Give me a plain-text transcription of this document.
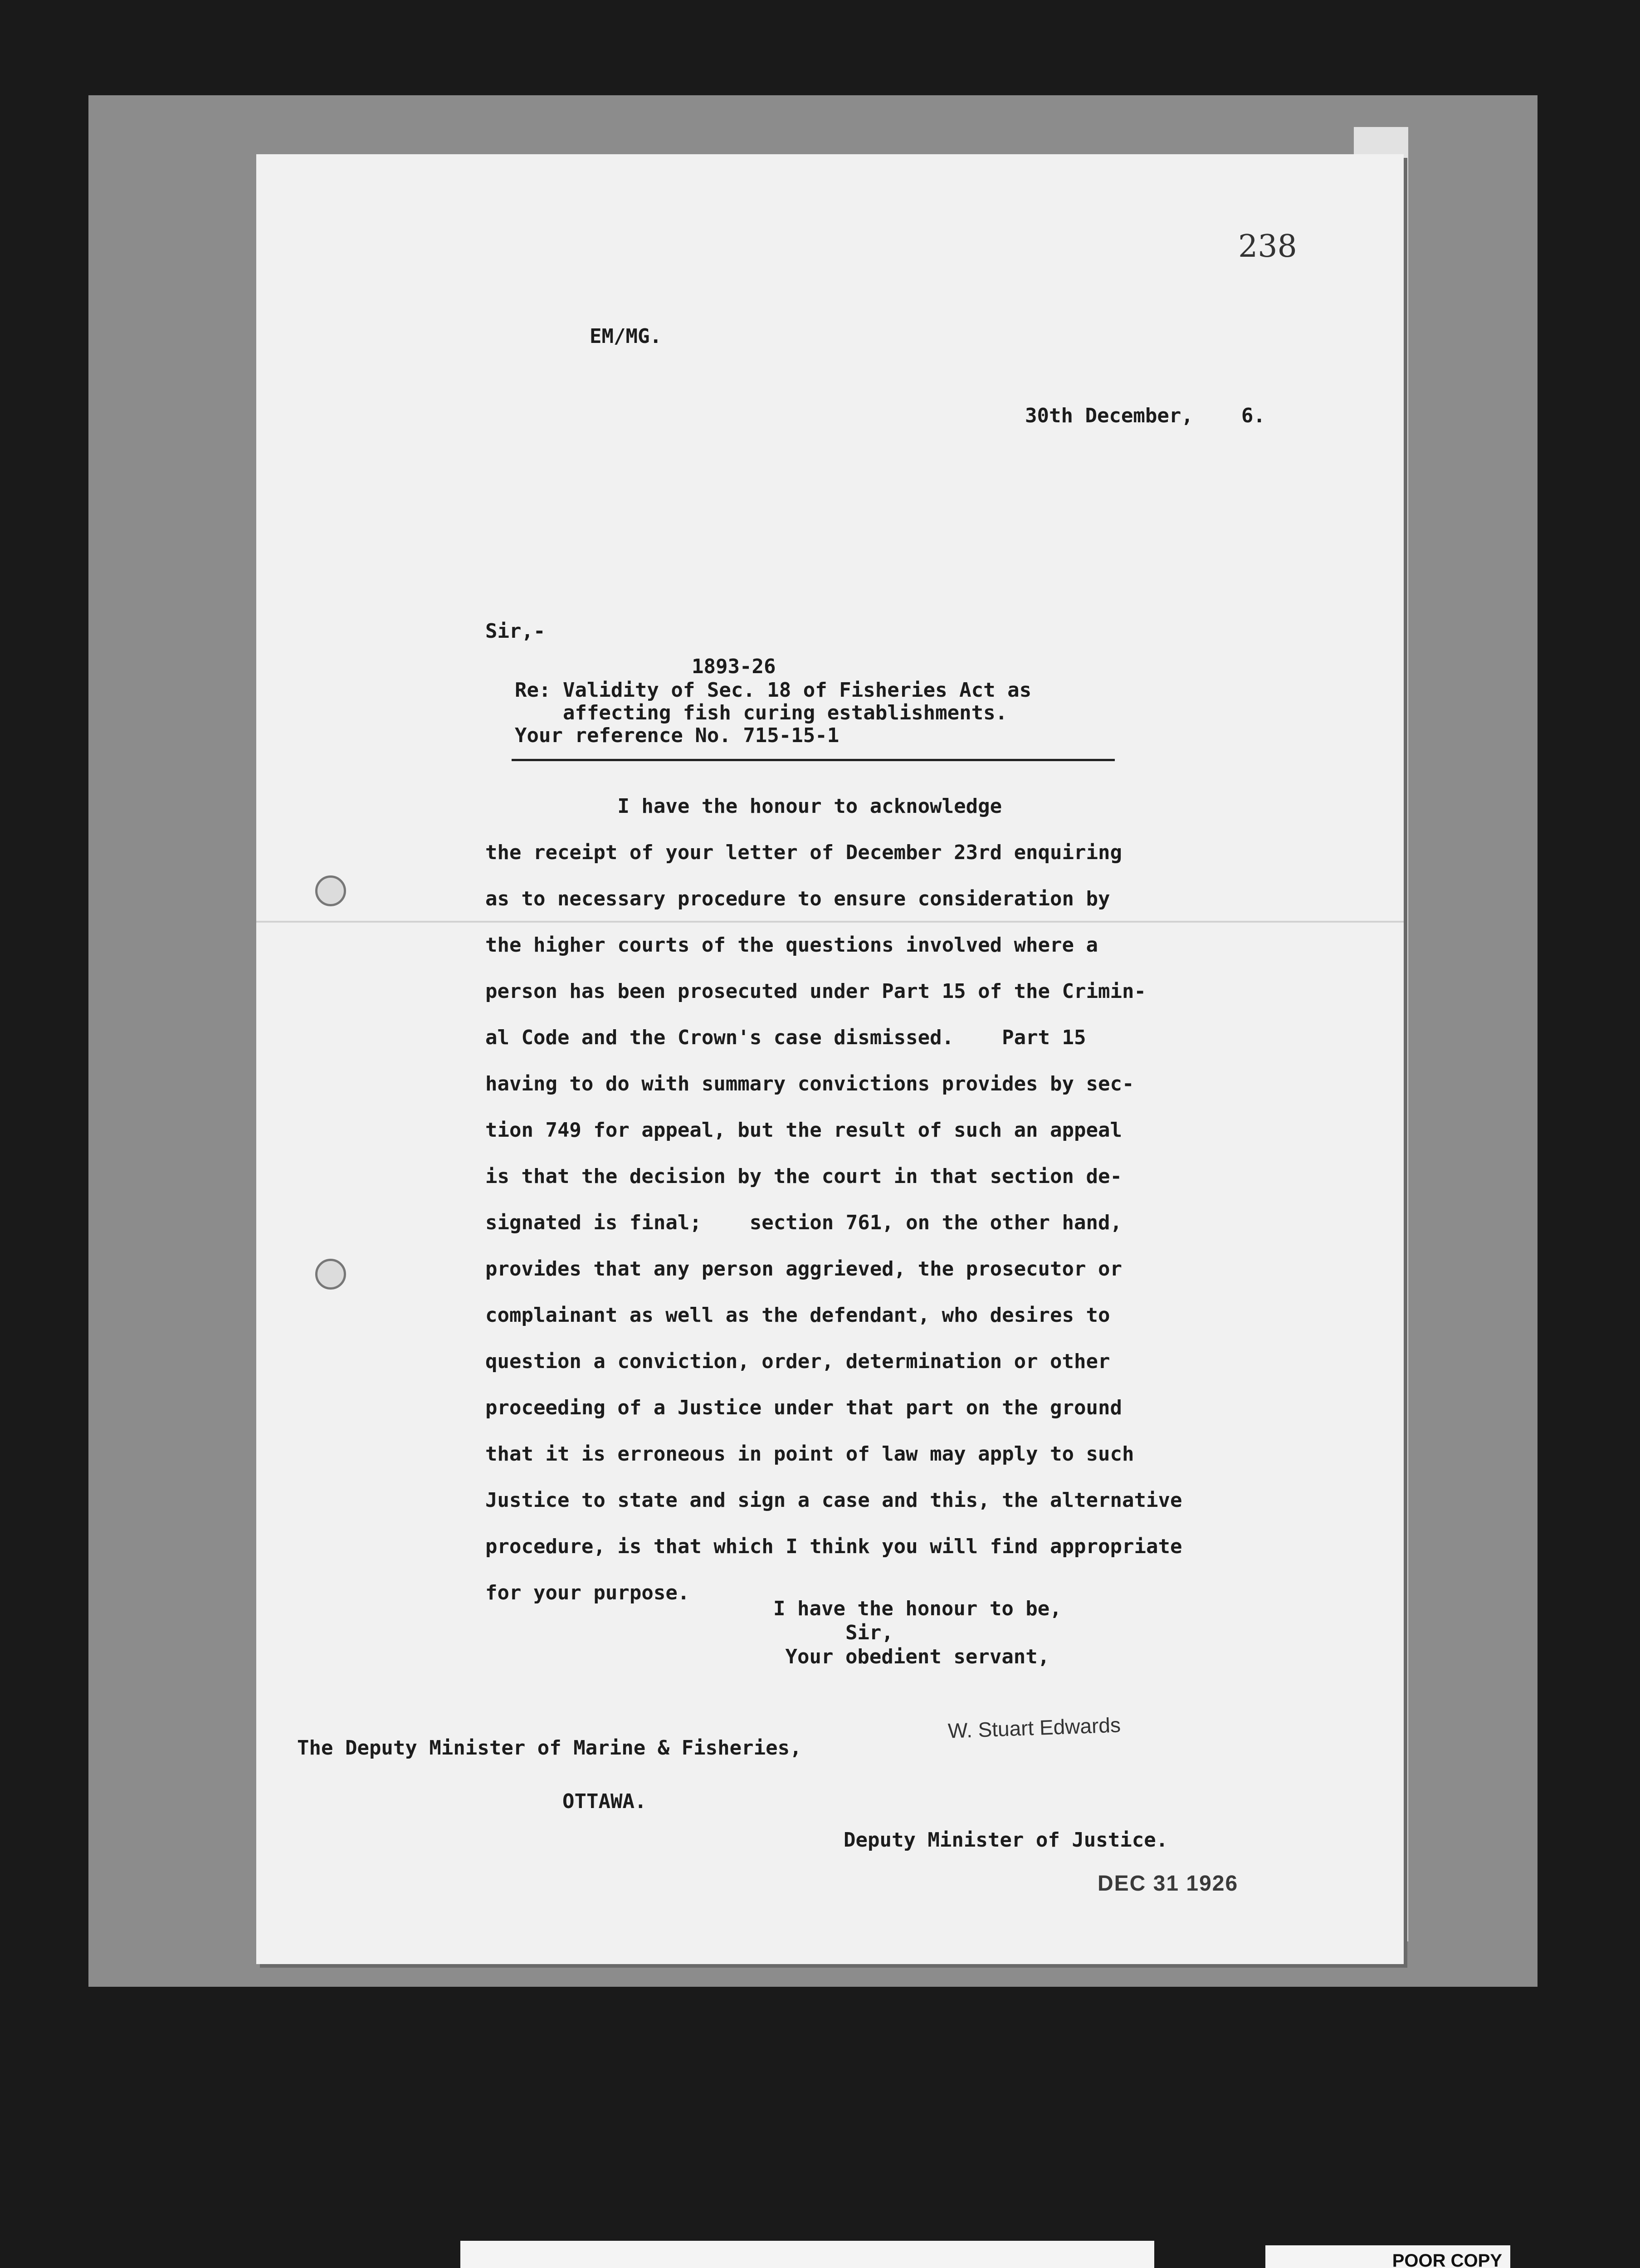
238
EM/MG.
30th December,    6.
Sir,-
1893-26
Re: Validity of Sec. 18 of Fisheries Act as
affecting fish curing establishments.
Your reference No. 715-15-1
I have the honour to acknowledge
the receipt of your letter of December 23rd enquiring
as to necessary procedure to ensure consideration by
the higher courts of the questions involved where a
person has been prosecuted under Part 15 of the Crimin-
al Code and the Crown's case dismissed.    Part 15
having to do with summary convictions provides by sec-
tion 749 for appeal, but the result of such an appeal
is that the decision by the court in that section de-
signated is final;    section 761, on the other hand,
provides that any person aggrieved, the prosecutor or
complainant as well as the defendant, who desires to
question a conviction, order, determination or other
proceeding of a Justice under that part on the ground
that it is erroneous in point of law may apply to such
Justice to state and sign a case and this, the alternative
procedure, is that which I think you will find appropriate
for your purpose.
I have the honour to be,
Sir,
Your obedient servant,
W. Stuart Edwards
The Deputy Minister of Marine & Fisheries,
OTTAWA.
Deputy Minister of Justice.
DEC 31 1926
POOR COPY
